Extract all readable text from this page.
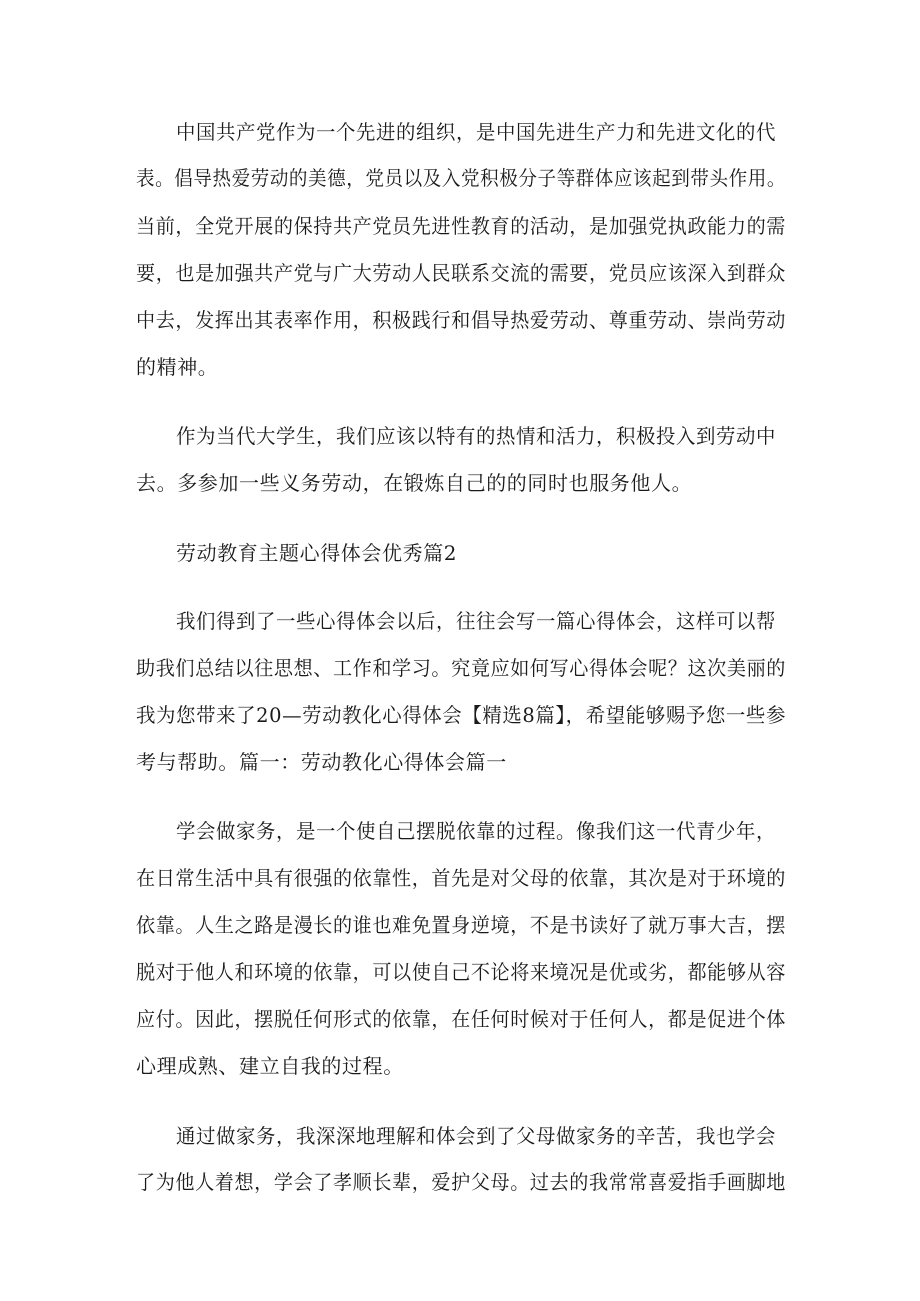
中国共产党作为一个先进的组织，是中国先进生产力和先进文化的代
表。倡导热爱劳动的美德，党员以及入党积极分子等群体应该起到带头作用。
当前，全党开展的保持共产党员先进性教育的活动，是加强党执政能力的需
要，也是加强共产党与广大劳动人民联系交流的需要，党员应该深入到群众
中去，发挥出其表率作用，积极践行和倡导热爱劳动、尊重劳动、崇尚劳动
的精神。
作为当代大学生，我们应该以特有的热情和活力，积极投入到劳动中
去。多参加一些义务劳动，在锻炼自己的的同时也服务他人。
劳动教育主题心得体会优秀篇2
我们得到了一些心得体会以后，往往会写一篇心得体会，这样可以帮
助我们总结以往思想、工作和学习。究竟应如何写心得体会呢？这次美丽的
我为您带来了20—劳动教化心得体会【精选8篇】，希望能够赐予您一些参
考与帮助。篇一：劳动教化心得体会篇一
学会做家务，是一个使自己摆脱依靠的过程。像我们这一代青少年，
在日常生活中具有很强的依靠性，首先是对父母的依靠，其次是对于环境的
依靠。人生之路是漫长的谁也难免置身逆境，不是书读好了就万事大吉，摆
脱对于他人和环境的依靠，可以使自己不论将来境况是优或劣，都能够从容
应付。因此，摆脱任何形式的依靠，在任何时候对于任何人，都是促进个体
心理成熟、建立自我的过程。
通过做家务，我深深地理解和体会到了父母做家务的辛苦，我也学会
了为他人着想，学会了孝顺长辈，爱护父母。过去的我常常喜爱指手画脚地
